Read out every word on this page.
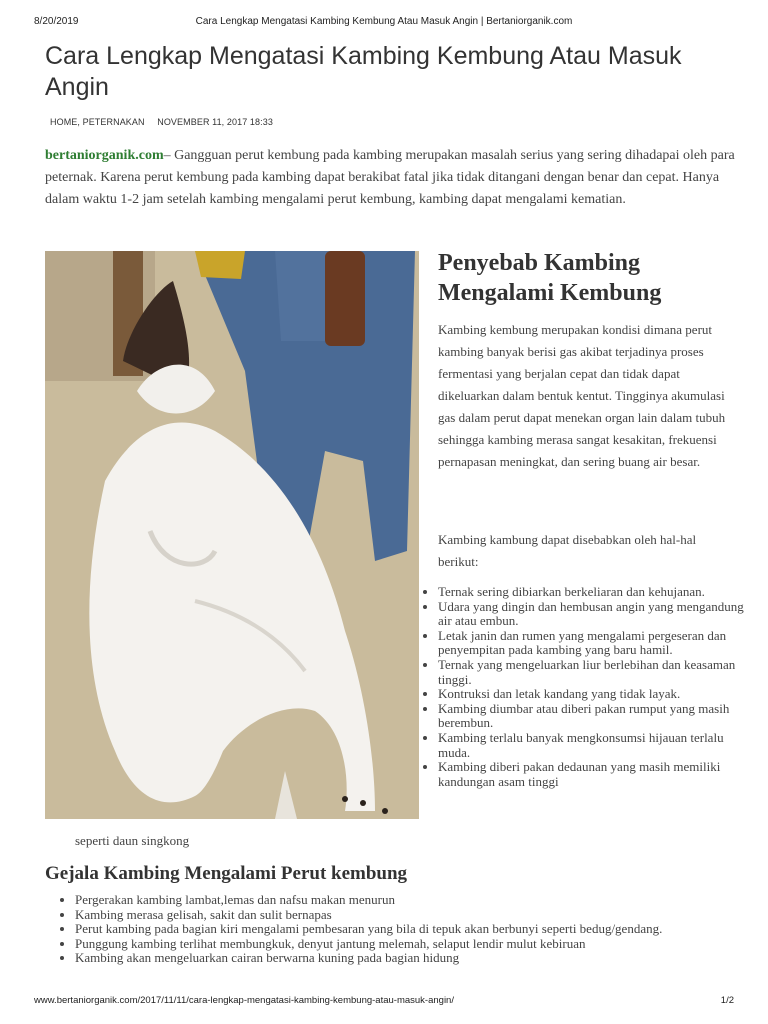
8/20/2019	Cara Lengkap Mengatasi Kambing Kembung Atau Masuk Angin | Bertaniorganik.com
Cara Lengkap Mengatasi Kambing Kembung Atau Masuk Angin
HOME, PETERNAKAN NOVEMBER 11, 2017 18:33

bertaniorganik.com– Gangguan perut kembung pada kambing merupakan masalah serius yang sering dihadapai oleh para peternak. Karena perut kembung pada kambing dapat berakibat fatal jika tidak ditangani dengan benar dan cepat. Hanya dalam waktu 1-2 jam setelah kambing mengalami perut kembung, kambing dapat mengalami kematian.

Penyebab Kambing Mengalami Kembung

Kambing kembung merupakan kondisi dimana perut kambing banyak berisi gas akibat terjadinya proses fermentasi yang berjalan cepat dan tidak dapat dikeluarkan dalam bentuk kentut. Tingginya akumulasi gas dalam perut dapat menekan organ lain dalam tubuh sehingga kambing merasa sangat kesakitan, frekuensi pernapasan meningkat, dan sering buang air besar.

Kambing kambung dapat disebabkan oleh hal-hal berikut:

• Ternak sering dibiarkan berkeliaran dan kehujanan.
• Udara yang dingin dan hembusan angin yang mengandung air atau embun.
• Letak janin dan rumen yang mengalami pergeseran dan penyempitan pada kambing yang baru hamil.
• Ternak yang mengeluarkan liur berlebihan dan keasaman tinggi.
• Kontruksi dan letak kandang yang tidak layak.
• Kambing diumbar atau diberi pakan rumput yang masih berembun.
• Kambing terlalu banyak mengkonsumsi hijauan terlalu muda.
• Kambing diberi pakan dedaunan yang masih memiliki kandungan asam tinggi
seperti daun singkong
Gejala Kambing Mengalami Perut kembung
• Pergerakan kambing lambat,lemas dan nafsu makan menurun
• Kambing merasa gelisah, sakit dan sulit bernapas
• Perut kambing pada bagian kiri mengalami pembesaran yang bila di tepuk akan berbunyi seperti bedug/gendang.
• Punggung kambing terlihat membungkuk, denyut jantung melemah, selaput lendir mulut kebiruan
• Kambing akan mengeluarkan cairan berwarna kuning pada bagian hidung
www.bertaniorganik.com/2017/11/11/cara-lengkap-mengatasi-kambing-kembung-atau-masuk-angin/	1/2
